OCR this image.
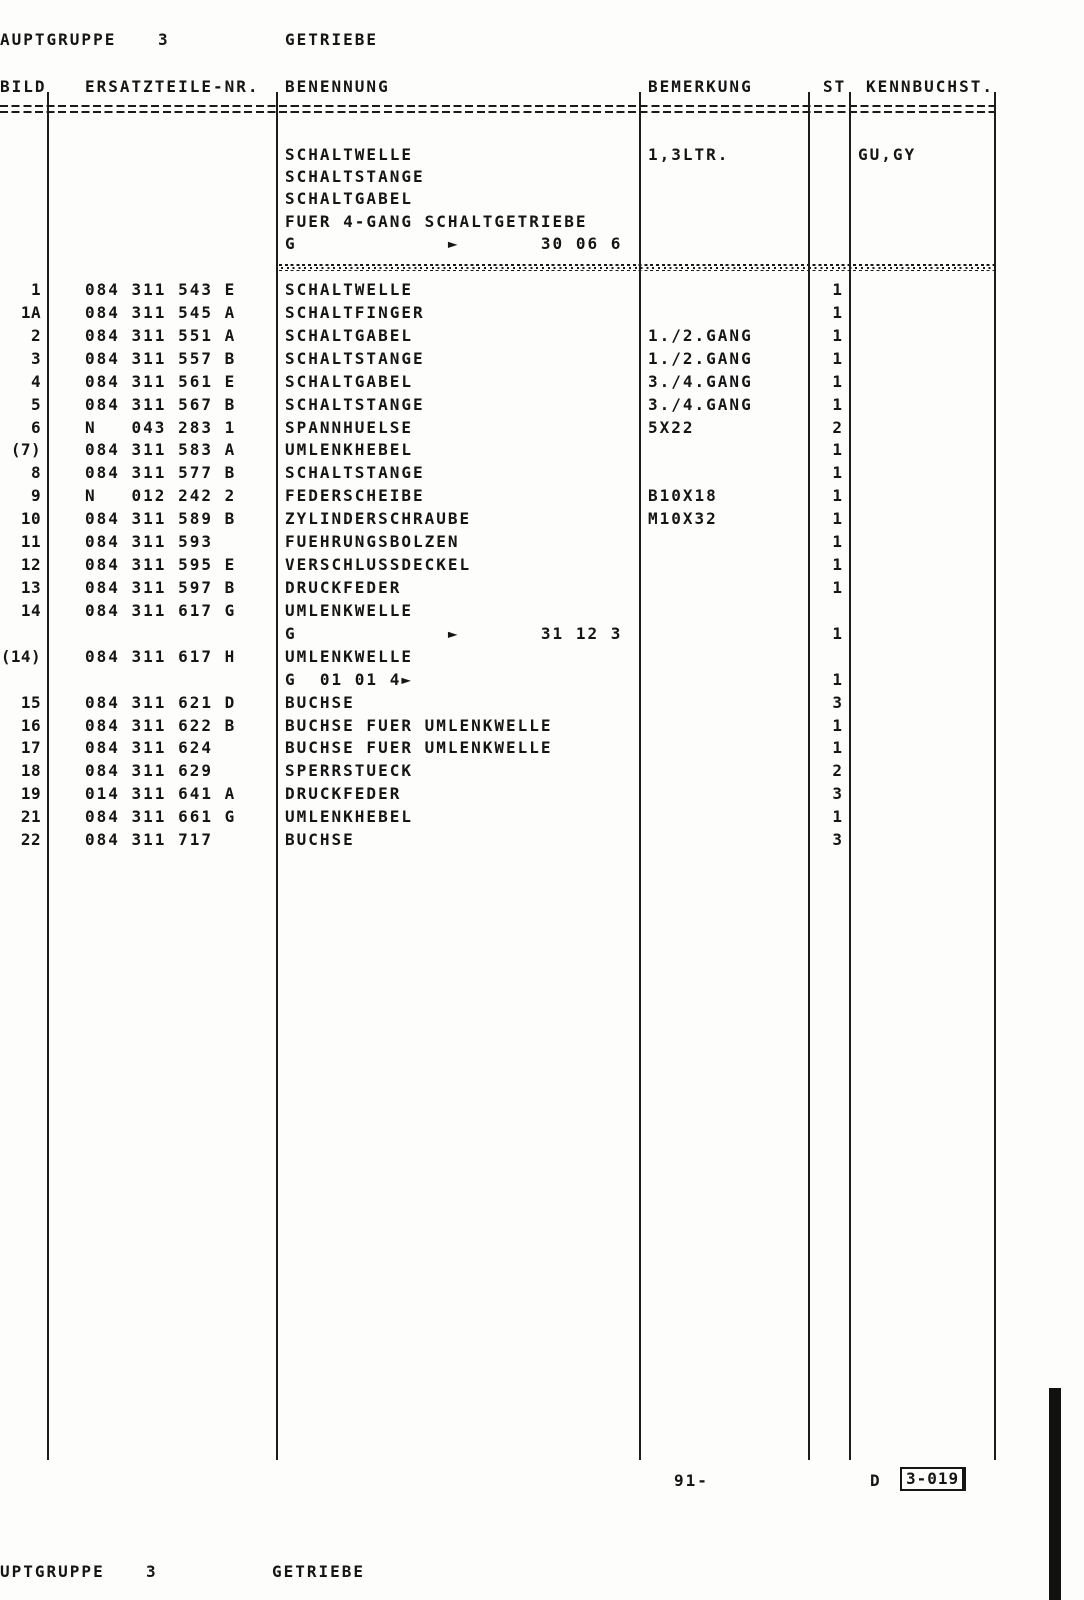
AUPTGRUPPE	3	GETRIEBE
BILD ERSATZTEILE-NR. BENENNUNG	BEMERKUNG	ST KENNBUCHST.
SCHALTWELLE
SCHALTSTANGE
SCHALTGABEL
FUER 4-GANG SCHALTGETRIEBE
G             ►       30 06 6
1,3LTR.	GU,GY
1	084 311 543 E	SCHALTWELLE	1
1A	084 311 545 A	SCHALTFINGER	1
2	084 311 551 A	SCHALTGABEL	1./2.GANG	1
3	084 311 557 B	SCHALTSTANGE	1./2.GANG	1
4	084 311 561 E	SCHALTGABEL	3./4.GANG	1
5	084 311 567 B	SCHALTSTANGE	3./4.GANG	1
6	N   043 283 1	SPANNHUELSE	5X22	2
(7)	084 311 583 A	UMLENKHEBEL	1
8	084 311 577 B	SCHALTSTANGE	1
9	N   012 242 2	FEDERSCHEIBE	B10X18	1
10	084 311 589 B	ZYLINDERSCHRAUBE	M10X32	1
11	084 311 593	FUEHRUNGSBOLZEN	1
12	084 311 595 E	VERSCHLUSSDECKEL	1
13	084 311 597 B	DRUCKFEDER	1
14	084 311 617 G	UMLENKWELLE
G             ►       31 12 3	1
(14)	084 311 617 H	UMLENKWELLE
G  01 01 4►	1
15	084 311 621 D	BUCHSE	3
16	084 311 622 B	BUCHSE FUER UMLENKWELLE	1
17	084 311 624	BUCHSE FUER UMLENKWELLE	1
18	084 311 629	SPERRSTUECK	2
19	014 311 641 A	DRUCKFEDER	3
21	084 311 661 G	UMLENKHEBEL	1
22	084 311 717	BUCHSE	3
91-	D	3-019
UPTGRUPPE	3	GETRIEBE
